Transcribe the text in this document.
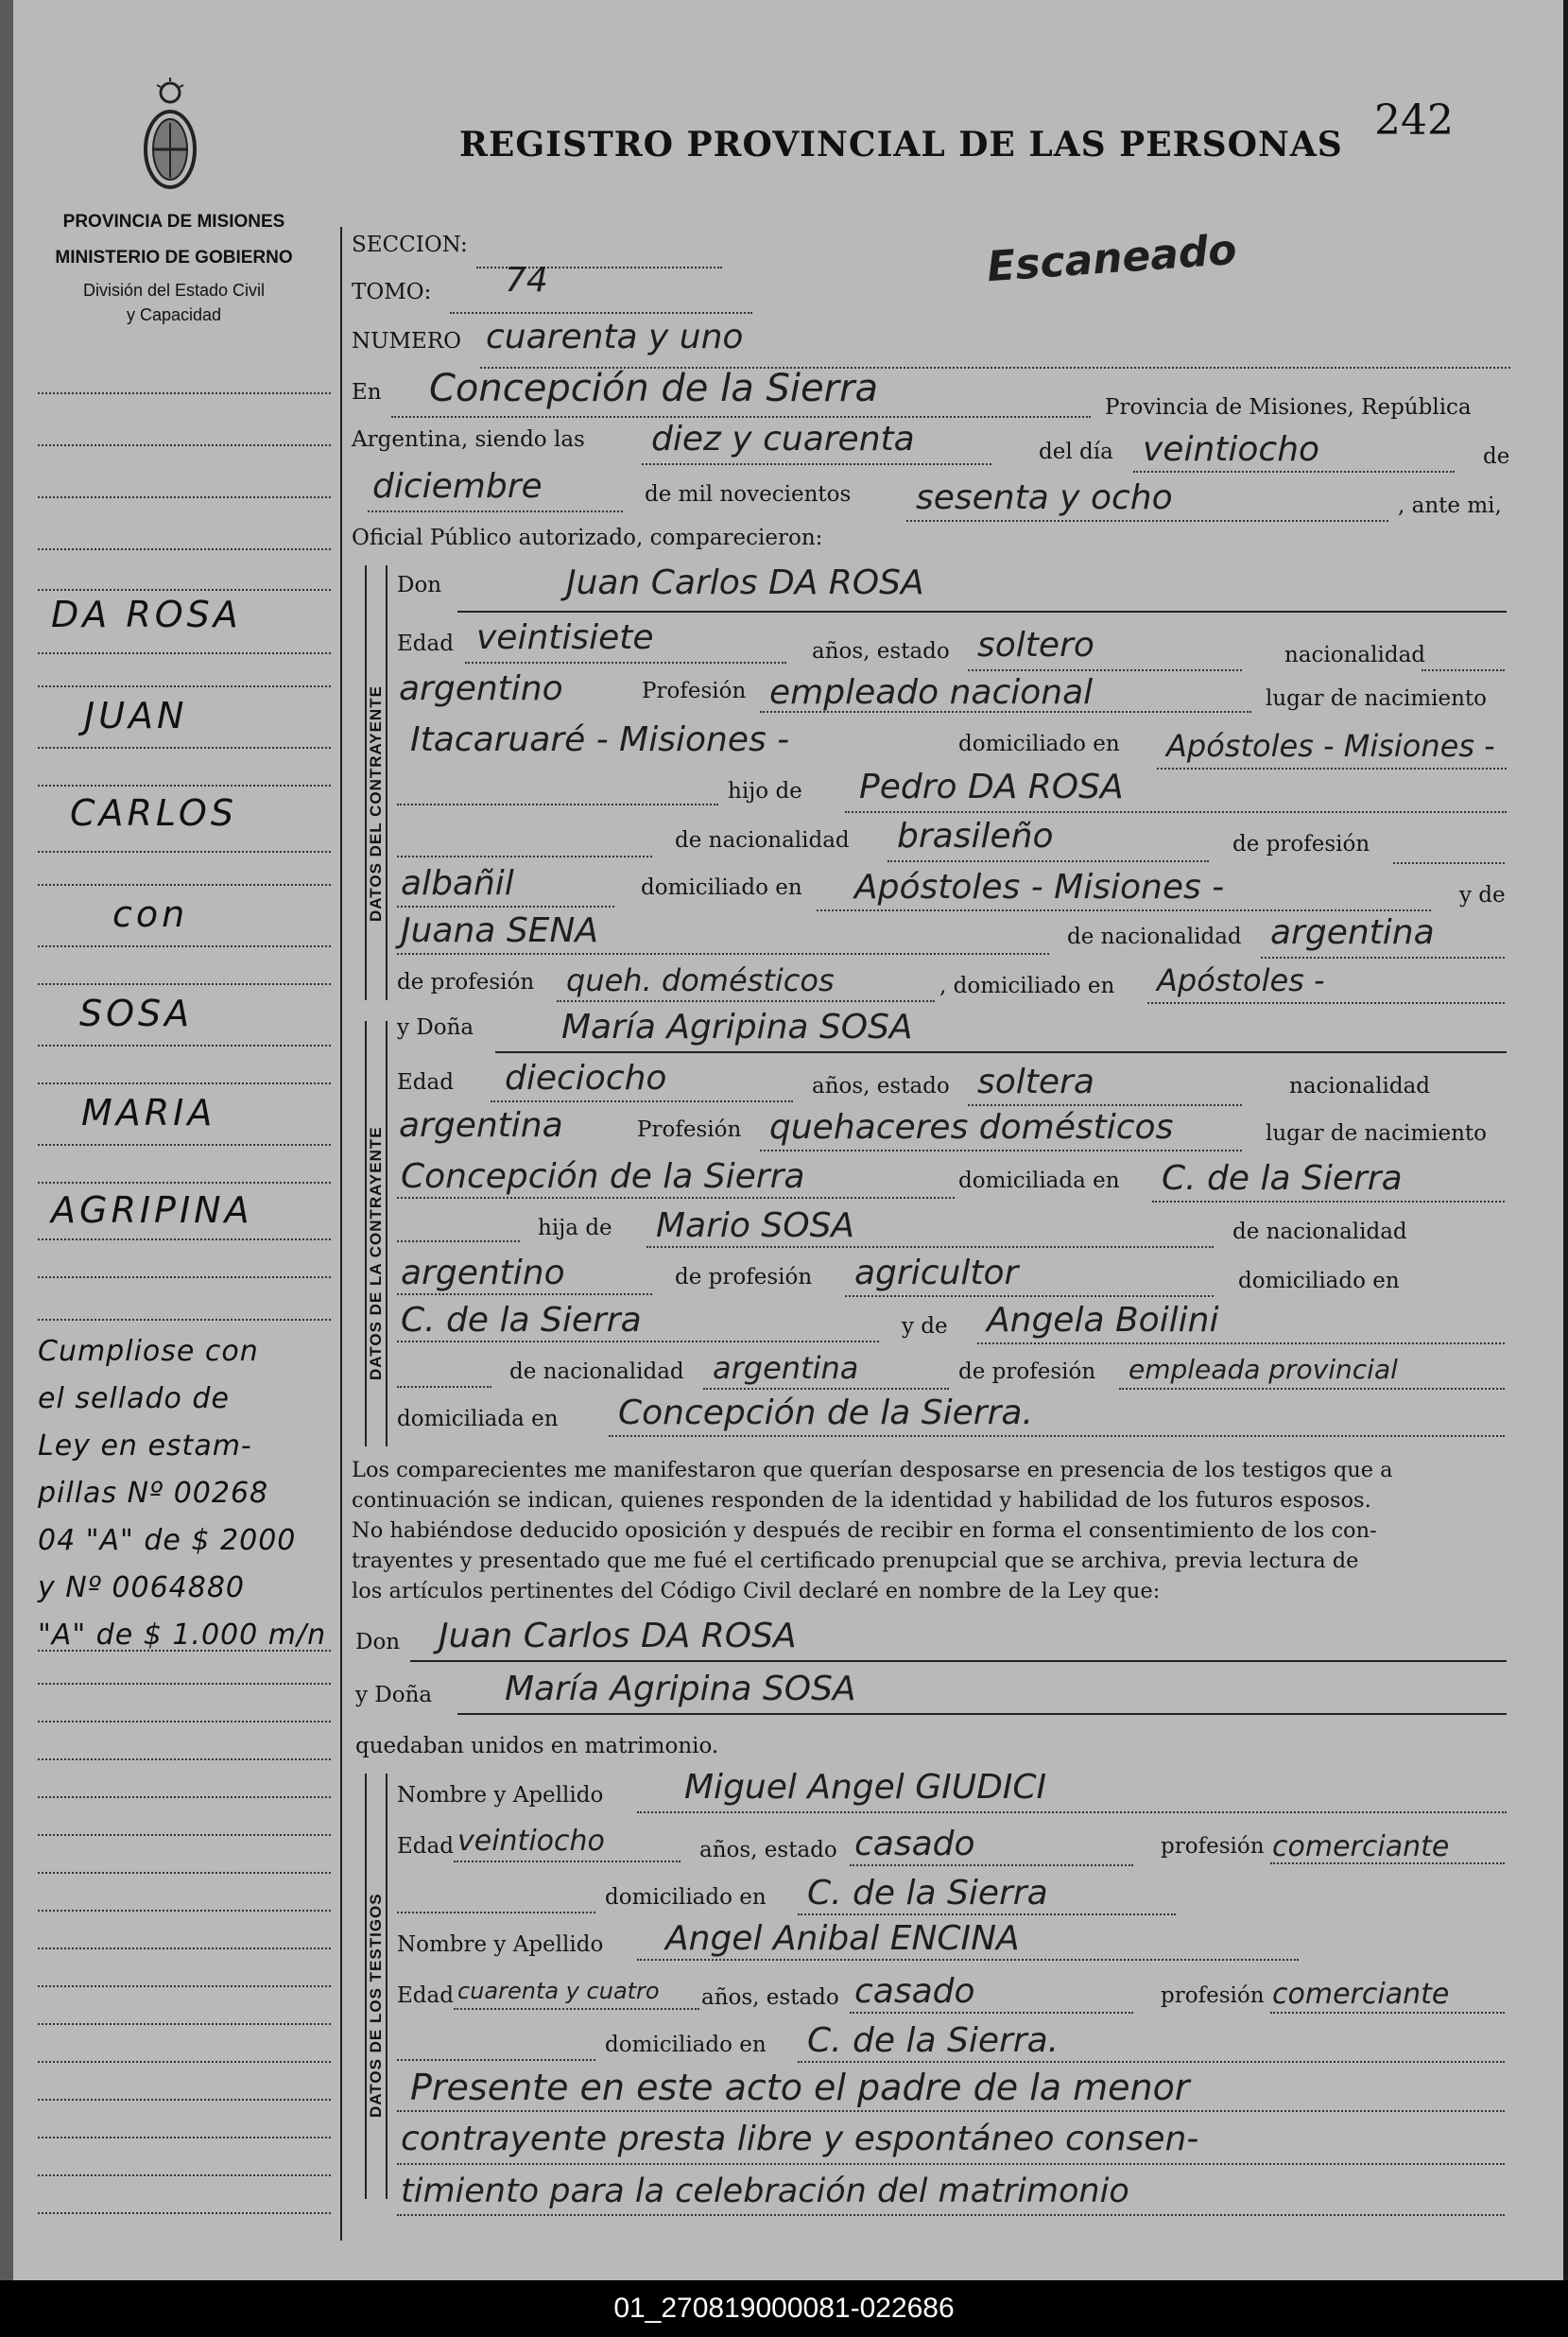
PROVINCIA DE MISIONES
MINISTERIO DE GOBIERNO
División del Estado Civil
y Capacidad
REGISTRO PROVINCIAL DE LAS PERSONAS 242
Escaneado
DA ROSA
JUAN
CARLOS
con
SOSA
MARIA
AGRIPINA
Cumpliose con
el sellado de
Ley en estam-
pillas Nº 00268
04 "A" de $ 2000
y Nº 0064880
"A" de $ 1.000 m/n
SECCION:
TOMO: 74
NUMERO cuarenta y uno
En Concepción de la Sierra	Provincia de Misiones, República
Argentina, siendo las diez y cuarenta	del día veintiocho	de
diciembre	de mil novecientos sesenta y ocho	, ante mi,
Oficial Público autorizado, comparecieron:
DATOS DEL CONTRAYENTE
Don	Juan Carlos DA ROSA
Edad veintisiete	años, estado soltero	nacionalidad
argentino	Profesión empleado nacional	lugar de nacimiento
Itacaruaré - Misiones -	domiciliado en Apóstoles - Misiones -
hijo de Pedro DA ROSA
de nacionalidad brasileño	de profesión
albañil	domiciliado en Apóstoles - Misiones -	y de
Juana SENA	de nacionalidad argentina
de profesión queh. domésticos	, domiciliado en Apóstoles -
DATOS DE LA CONTRAYENTE
y Doña	María Agripina SOSA
Edad dieciocho	años, estado soltera	nacionalidad
argentina	Profesión quehaceres domésticos	lugar de nacimiento
Concepción de la Sierra	domiciliada en C. de la Sierra
hija de Mario SOSA	de nacionalidad
argentino	de profesión agricultor	domiciliado en
C. de la Sierra	y de Angela Boilini
de nacionalidad argentina	de profesión empleada provincial
domiciliada en Concepción de la Sierra.
Los comparecientes me manifestaron que querían desposarse en presencia de los testigos que a
continuación se indican, quienes responden de la identidad y habilidad de los futuros esposos.
No habiéndose deducido oposición y después de recibir en forma el consentimiento de los con-
trayentes y presentado que me fué el certificado prenupcial que se archiva, previa lectura de
los artículos pertinentes del Código Civil declaré en nombre de la Ley que:
Don Juan Carlos DA ROSA
y Doña María Agripina SOSA
quedaban unidos en matrimonio.
DATOS DE LOS TESTIGOS
Nombre y Apellido Miguel Angel GIUDICI
Edad veintiocho	años, estado casado	profesión comerciante
domiciliado en C. de la Sierra
Nombre y Apellido Angel Anibal ENCINA
Edad cuarenta y cuatro años, estado casado	profesión comerciante
domiciliado en C. de la Sierra.
Presente en este acto el padre de la menor
contrayente presta libre y espontáneo consen-
timiento para la celebración del matrimonio
01_270819000081-022686
